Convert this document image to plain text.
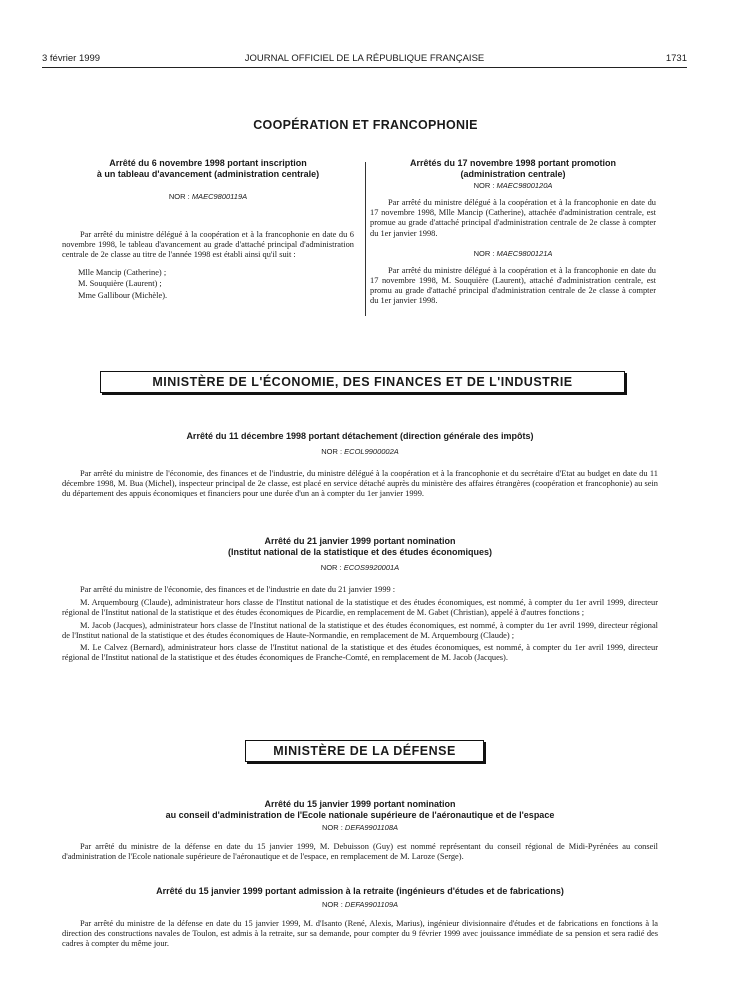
3 février 1999	JOURNAL OFFICIEL DE LA RÉPUBLIQUE FRANÇAISE	1731
COOPÉRATION ET FRANCOPHONIE
Arrêté du 6 novembre 1998 portant inscription
à un tableau d'avancement (administration centrale)
NOR : MAEC9800119A

Par arrêté du ministre délégué à la coopération et à la francophonie en date du 6 novembre 1998, le tableau d'avancement au grade d'attaché principal d'administration centrale de 2e classe au titre de l'année 1998 est établi ainsi qu'il suit :

Mlle Mancip (Catherine) ;

M. Souquière (Laurent) ;

Mme Gallibour (Michèle).

Arrêtés du 17 novembre 1998 portant promotion
(administration centrale)
NOR : MAEC9800120A

Par arrêté du ministre délégué à la coopération et à la francophonie en date du 17 novembre 1998, Mlle Mancip (Catherine), attachée d'administration centrale, est promue au grade d'attaché principal d'administration centrale de 2e classe à compter du 1er janvier 1998.

NOR : MAEC9800121A

Par arrêté du ministre délégué à la coopération et à la francophonie en date du 17 novembre 1998, M. Souquière (Laurent), attaché d'administration centrale, est promu au grade d'attaché principal d'administration centrale de 2e classe à compter du 1er janvier 1998.

MINISTÈRE DE L'ÉCONOMIE, DES FINANCES ET DE L'INDUSTRIE
Arrêté du 11 décembre 1998 portant détachement (direction générale des impôts)
NOR : ECOL9900002A

Par arrêté du ministre de l'économie, des finances et de l'industrie, du ministre délégué à la coopération et à la francophonie et du secrétaire d'Etat au budget en date du 11 décembre 1998, M. Bua (Michel), inspecteur principal de 2e classe, est placé en service détaché auprès du ministère des affaires étrangères (coopération et francophonie) au sein du département des appuis économiques et financiers pour une durée d'un an à compter du 1er janvier 1999.

Arrêté du 21 janvier 1999 portant nomination
(Institut national de la statistique et des études économiques)
NOR : ECOS9920001A

Par arrêté du ministre de l'économie, des finances et de l'industrie en date du 21 janvier 1999 :

M. Arquembourg (Claude), administrateur hors classe de l'Institut national de la statistique et des études économiques, est nommé, à compter du 1er avril 1999, directeur régional de l'Institut national de la statistique et des études économiques de Picardie, en remplacement de M. Gabet (Christian), appelé à d'autres fonctions ;

M. Jacob (Jacques), administrateur hors classe de l'Institut national de la statistique et des études économiques, est nommé, à compter du 1er avril 1999, directeur régional de l'Institut national de la statistique et des études économiques de Haute-Normandie, en remplacement de M. Arquembourg (Claude) ;

M. Le Calvez (Bernard), administrateur hors classe de l'Institut national de la statistique et des études économiques, est nommé, à compter du 1er avril 1999, directeur régional de l'Institut national de la statistique et des études économiques de Franche-Comté, en remplacement de M. Jacob (Jacques).

MINISTÈRE DE LA DÉFENSE
Arrêté du 15 janvier 1999 portant nomination
au conseil d'administration de l'Ecole nationale supérieure de l'aéronautique et de l'espace
NOR : DEFA9901108A

Par arrêté du ministre de la défense en date du 15 janvier 1999, M. Debuisson (Guy) est nommé représentant du conseil régional de Midi-Pyrénées au conseil d'administration de l'Ecole nationale supérieure de l'aéronautique et de l'espace, en remplacement de M. Laroze (Serge).

Arrêté du 15 janvier 1999 portant admission à la retraite (ingénieurs d'études et de fabrications)
NOR : DEFA9901109A

Par arrêté du ministre de la défense en date du 15 janvier 1999, M. d'Isanto (René, Alexis, Marius), ingénieur divisionnaire d'études et de fabrications en fonctions à la direction des constructions navales de Toulon, est admis à la retraite, sur sa demande, pour compter du 9 février 1999 avec jouissance immédiate de sa pension et sera radié des cadres à compter du même jour.
